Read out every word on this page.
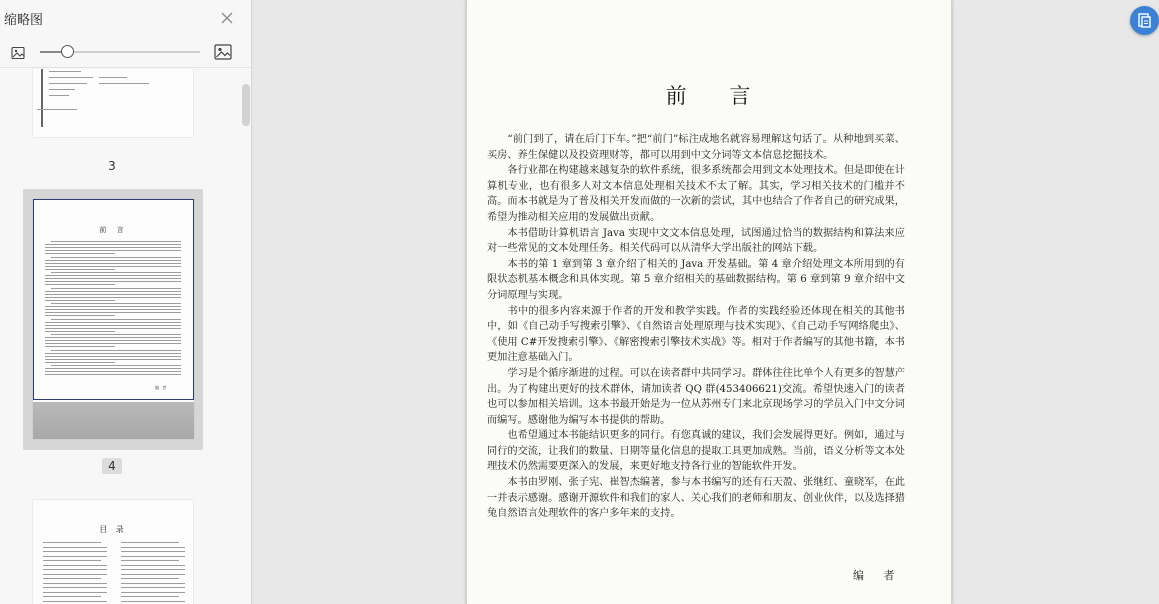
缩略图
3
前 言
编 者
4
目 录
前 言

“前门到了，请在后门下车。”把“前门”标注成地名就容易理解这句话了。从种地到买菜、买房、养生保健以及投资理财等，都可以用到中文分词等文本信息挖掘技术。

各行业都在构建越来越复杂的软件系统，很多系统都会用到文本处理技术。但是即使在计算机专业，也有很多人对文本信息处理相关技术不太了解。其实，学习相关技术的门槛并不高。而本书就是为了普及相关开发而做的一次新的尝试，其中也结合了作者自己的研究成果，希望为推动相关应用的发展做出贡献。

本书借助计算机语言 Java 实现中文文本信息处理，试图通过恰当的数据结构和算法来应对一些常见的文本处理任务。相关代码可以从清华大学出版社的网站下载。

本书的第 1 章到第 3 章介绍了相关的 Java 开发基础。第 4 章介绍处理文本所用到的有限状态机基本概念和具体实现。第 5 章介绍相关的基础数据结构。第 6 章到第 9 章介绍中文分词原理与实现。

书中的很多内容来源于作者的开发和教学实践。作者的实践经验还体现在相关的其他书中，如《自己动手写搜索引擎》、《自然语言处理原理与技术实现》、《自己动手写网络爬虫》、《使用 C#开发搜索引擎》、《解密搜索引擎技术实战》等。相对于作者编写的其他书籍，本书更加注意基础入门。

学习是个循序渐进的过程。可以在读者群中共同学习。群体往往比单个人有更多的智慧产出。为了构建出更好的技术群体，请加读者 QQ 群(453406621)交流。希望快速入门的读者也可以参加相关培训。这本书最开始是为一位从苏州专门来北京现场学习的学员入门中文分词而编写。感谢他为编写本书提供的帮助。

也希望通过本书能结识更多的同行。有您真诚的建议，我们会发展得更好。例如，通过与同行的交流，让我们的数量、日期等量化信息的提取工具更加成熟。当前，语义分析等文本处理技术仍然需要更深入的发展，来更好地支持各行业的智能软件开发。

本书由罗刚、张子宪、崔智杰编著，参与本书编写的还有石天盈、张继红、童晓军，在此一并表示感谢。感谢开源软件和我们的家人、关心我们的老师和朋友、创业伙伴，以及选择猎兔自然语言处理软件的客户多年来的支持。

编 者
